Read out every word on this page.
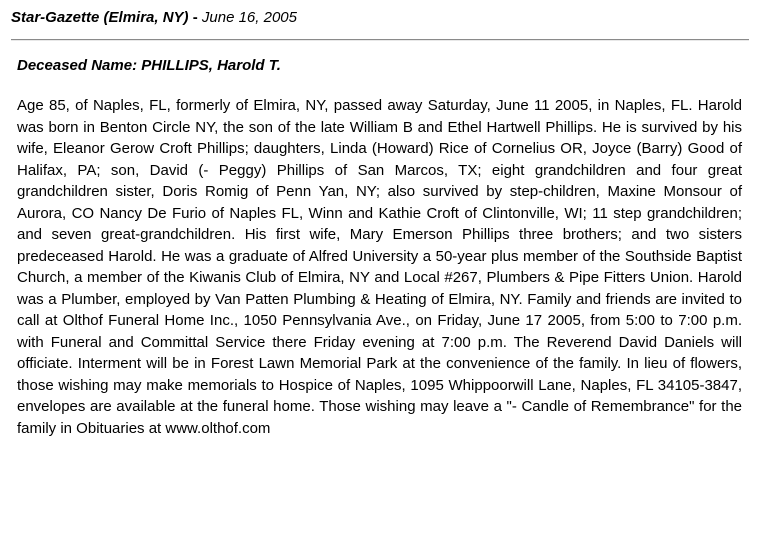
Star-Gazette (Elmira, NY) - June 16, 2005
Deceased Name: PHILLIPS, Harold T.

Age 85, of Naples, FL, formerly of Elmira, NY, passed away Saturday, June 11 2005, in Naples, FL. Harold was born in Benton Circle NY, the son of the late William B and Ethel Hartwell Phillips. He is survived by his wife, Eleanor Gerow Croft Phillips; daughters, Linda (Howard) Rice of Cornelius OR, Joyce (Barry) Good of Halifax, PA; son, David (- Peggy) Phillips of San Marcos, TX; eight grandchildren and four great grandchildren sister, Doris Romig of Penn Yan, NY; also survived by step-children, Maxine Monsour of Aurora, CO Nancy De Furio of Naples FL, Winn and Kathie Croft of Clintonville, WI; 11 step grandchildren; and seven great-grandchildren. His first wife, Mary Emerson Phillips three brothers; and two sisters predeceased Harold. He was a graduate of Alfred University a 50-year plus member of the Southside Baptist Church, a member of the Kiwanis Club of Elmira, NY and Local #267, Plumbers & Pipe Fitters Union. Harold was a Plumber, employed by Van Patten Plumbing & Heating of Elmira, NY. Family and friends are invited to call at Olthof Funeral Home Inc., 1050 Pennsylvania Ave., on Friday, June 17 2005, from 5:00 to 7:00 p.m. with Funeral and Committal Service there Friday evening at 7:00 p.m. The Reverend David Daniels will officiate. Interment will be in Forest Lawn Memorial Park at the convenience of the family. In lieu of flowers, those wishing may make memorials to Hospice of Naples, 1095 Whippoorwill Lane, Naples, FL 34105-3847, envelopes are available at the funeral home. Those wishing may leave a "- Candle of Remembrance" for the family in Obituaries at www.olthof.com
